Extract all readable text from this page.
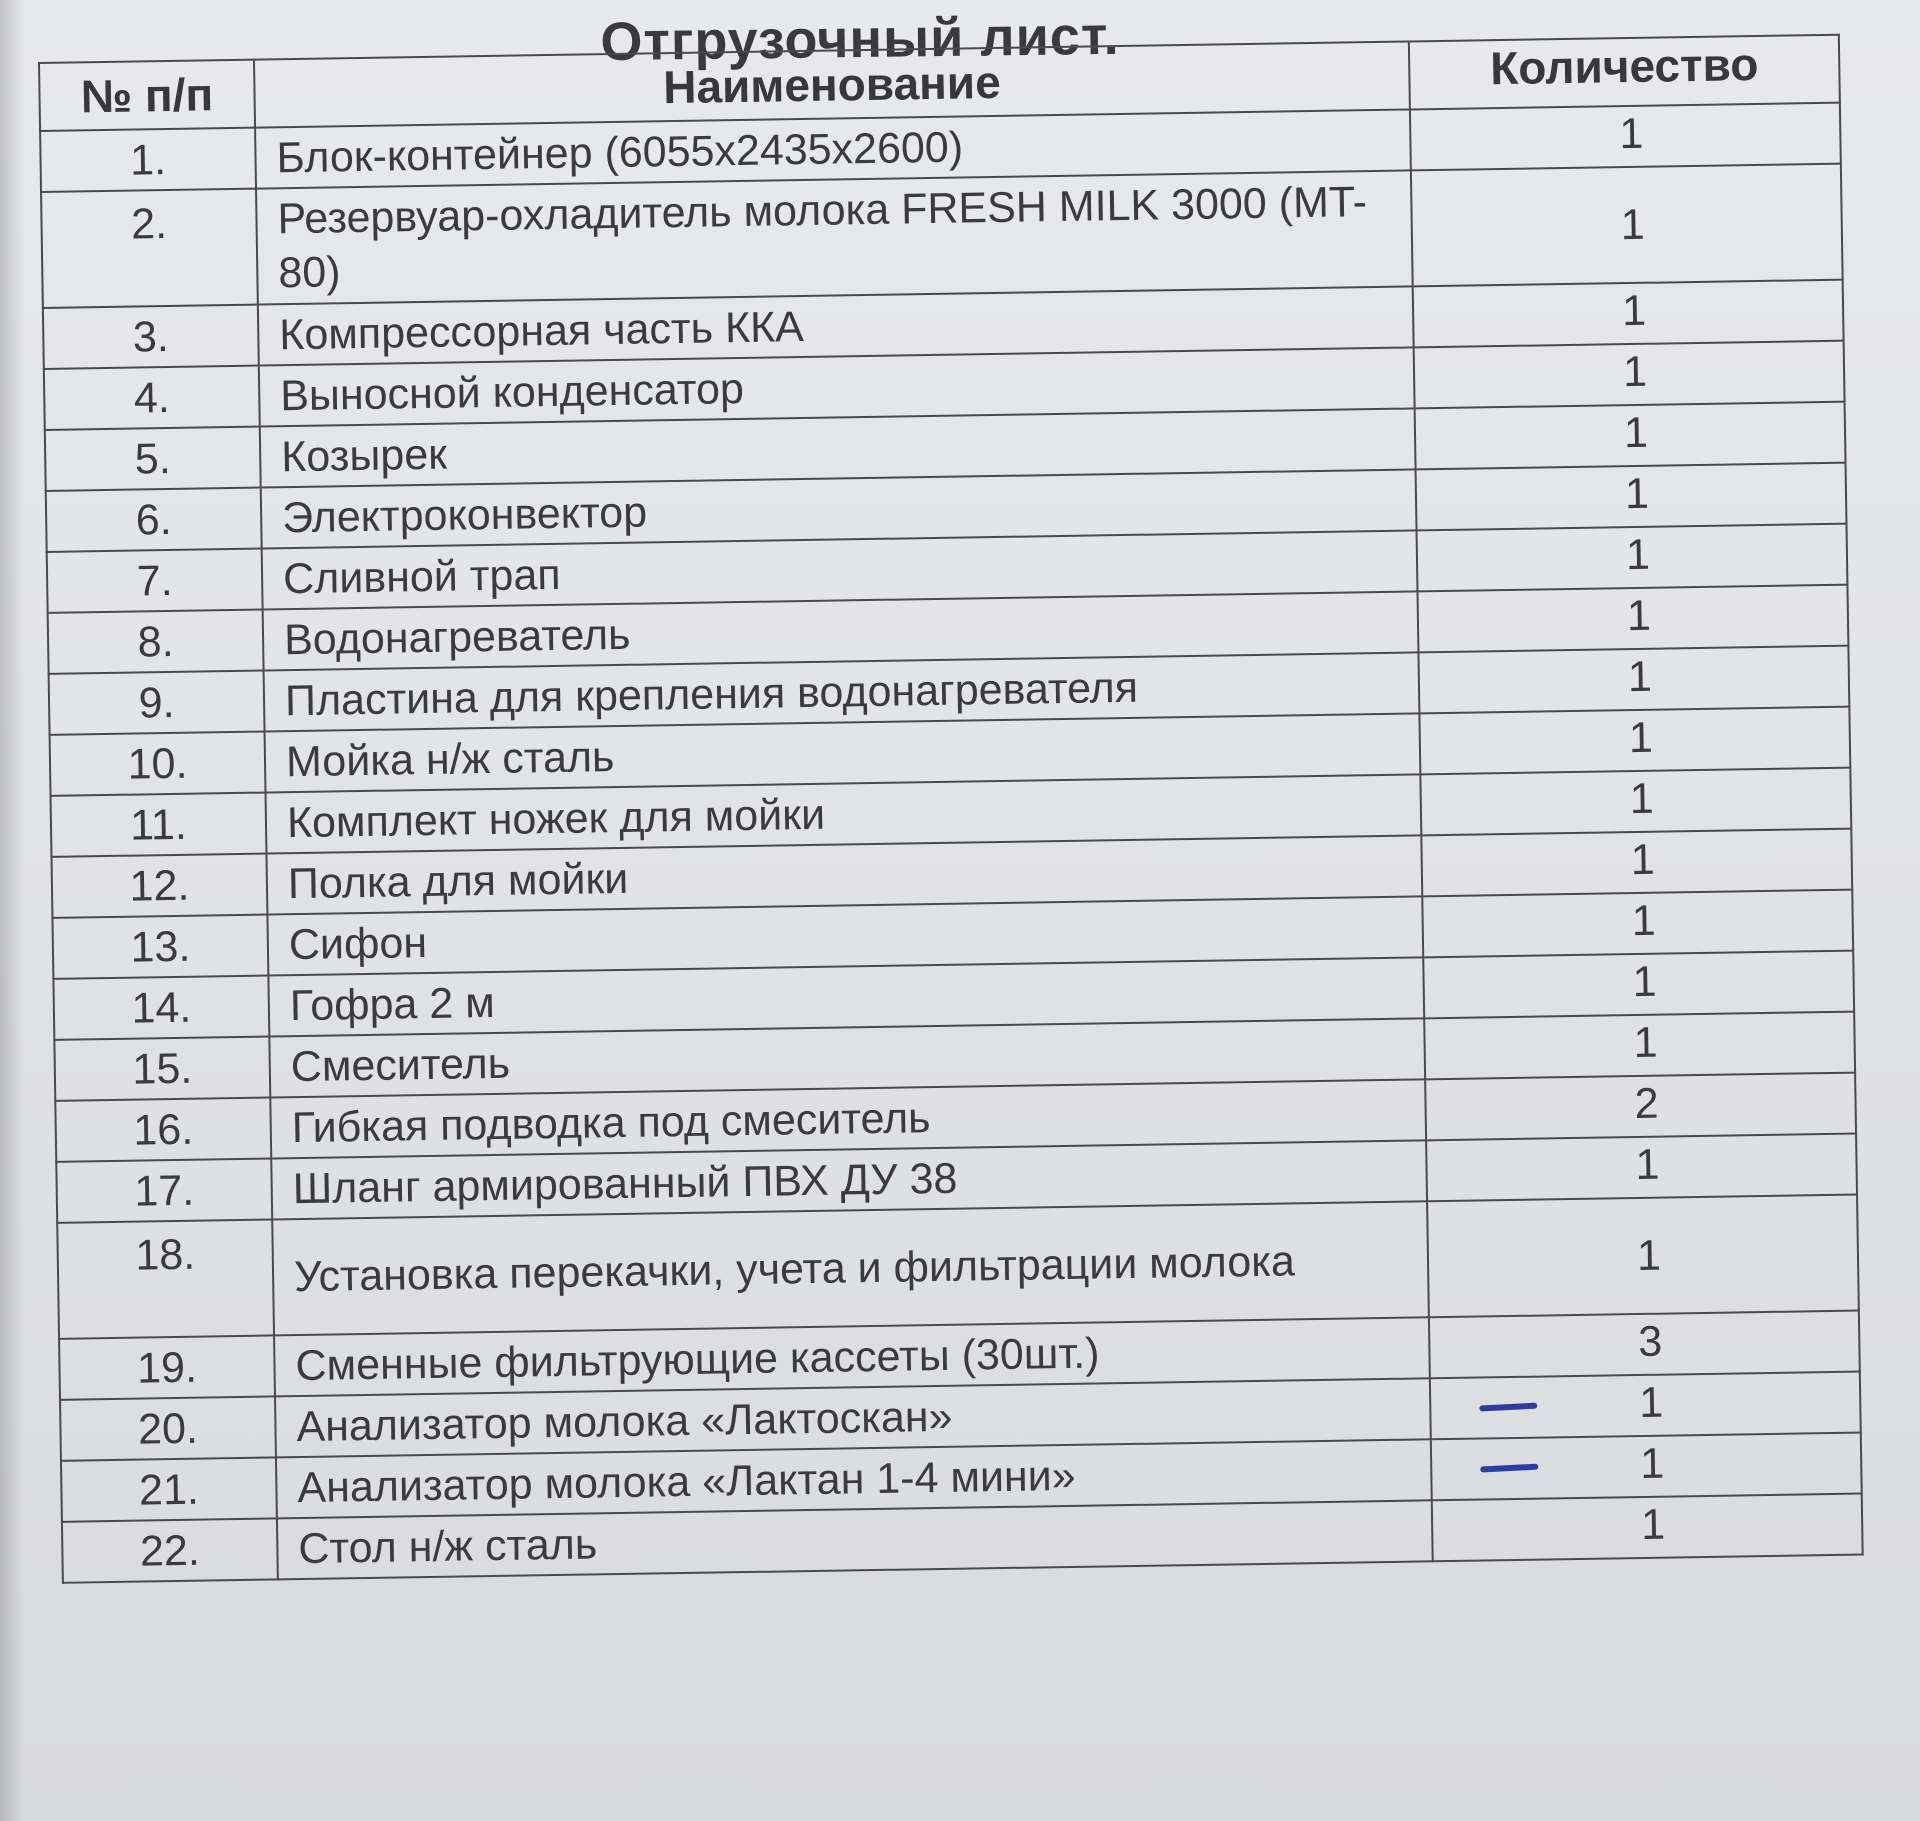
Отгрузочный лист.
№ п/п	Наименование	Количество
1.	Блок-контейнер (6055x2435x2600)	1
2.	Резервуар-охладитель молока FRESH MILK 3000 (MT-80)	1
3.	Компрессорная часть ККА	1
4.	Выносной конденсатор	1
5.	Козырек	1
6.	Электроконвектор	1
7.	Сливной трап	1
8.	Водонагреватель	1
9.	Пластина для крепления водонагревателя	1
10.	Мойка н/ж сталь	1
11.	Комплект ножек для мойки	1
12.	Полка для мойки	1
13.	Сифон	1
14.	Гофра 2 м	1
15.	Смеситель	1
16.	Гибкая подводка под смеситель	2
17.	Шланг армированный ПВХ ДУ 38	1
18.	Установка перекачки, учета и фильтрации молока	1
19.	Сменные фильтрующие кассеты (30шт.)	3
20.	Анализатор молока «Лактоскан»	1
21.	Анализатор молока «Лактан 1-4 мини»	1
22.	Стол н/ж сталь	1
